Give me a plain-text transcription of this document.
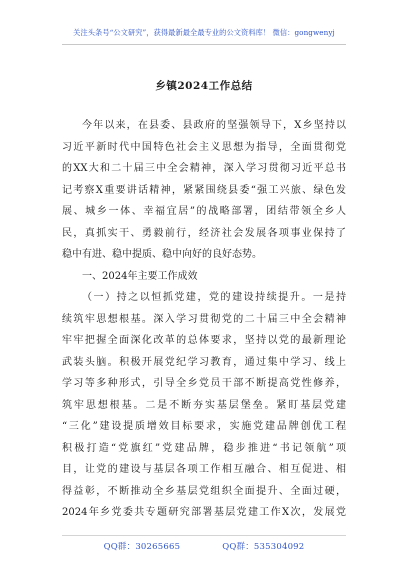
关注头条号“公文研究”，获得最新最全最专业的公文资料库！ 微信：gongwenyj
乡镇2024工作总结
今年以来，在县委、县政府的坚强领导下，X乡坚持以
习近平新时代中国特色社会主义思想为指导，全面贯彻党
的XX大和二十届三中全会精神，深入学习贯彻习近平总书
记考察X重要讲话精神，紧紧围绕县委“强工兴旅、绿色发
展、城乡一体、幸福宜居”的战略部署，团结带领全乡人
民，真抓实干、勇毅前行，经济社会发展各项事业保持了
稳中有进、稳中提质、稳中向好的良好态势。
一、2024年主要工作成效
（一）持之以恒抓党建，党的建设持续提升。一是持
续筑牢思想根基。深入学习贯彻党的二十届三中全会精神
牢牢把握全面深化改革的总体要求，坚持以党的最新理论
武装头脑。积极开展党纪学习教育，通过集中学习、线上
学习等多种形式，引导全乡党员干部不断提高党性修养，
筑牢思想根基。二是不断夯实基层堡垒。紧盯基层党建
“三化”建设提质增效目标要求，实施党建品牌创优工程
积极打造“党旗红”党建品牌，稳步推进“书记领航”项
目，让党的建设与基层各项工作相互融合、相互促进、相
得益彰，不断推动全乡基层党组织全面提升、全面过硬，
2024年乡党委共专题研究部署基层党建工作X次，发展党
QQ群：30265665	QQ群：535304092
